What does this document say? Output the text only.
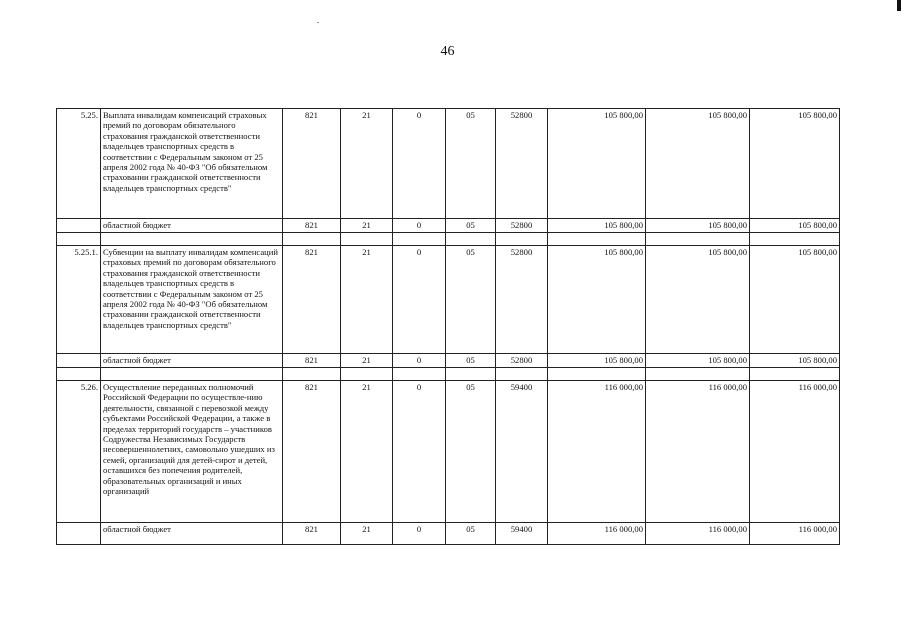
46
5.25.	Выплата инвалидам компенсаций страховых премий по договорам обязательного страхования гражданской ответственности владельцев транспортных средств в соответствии с Федеральным законом от 25 апреля 2002 года № 40-ФЗ "Об обязательном страховании гражданской ответственности владельцев транспортных средств"	821	21	0	05	52800	105 800,00	105 800,00	105 800,00
	областной бюджет	821	21	0	05	52800	105 800,00	105 800,00	105 800,00

5.25.1.	Субвенции на выплату инвалидам компенсаций страховых премий по договорам обязательного страхования гражданской ответственности владельцев транспортных средств в соответствии с Федеральным законом от 25 апреля 2002 года № 40-ФЗ "Об обязательном страховании гражданской ответственности владельцев транспортных средств"	821	21	0	05	52800	105 800,00	105 800,00	105 800,00
	областной бюджет	821	21	0	05	52800	105 800,00	105 800,00	105 800,00

5.26.	Осуществление переданных полномочий Российской Федерации по осуществле-нию деятельности, связанной с перевозкой между субъектами Российской Федерации, а также в пределах территорий государств – участников Содружества Независимых Государств несовершеннолетних, самовольно ушедших из семей, организаций для детей-сирот и детей, оставшихся без попечения родителей, образовательных организаций и иных организаций	821	21	0	05	59400	116 000,00	116 000,00	116 000,00
	областной бюджет	821	21	0	05	59400	116 000,00	116 000,00	116 000,00
